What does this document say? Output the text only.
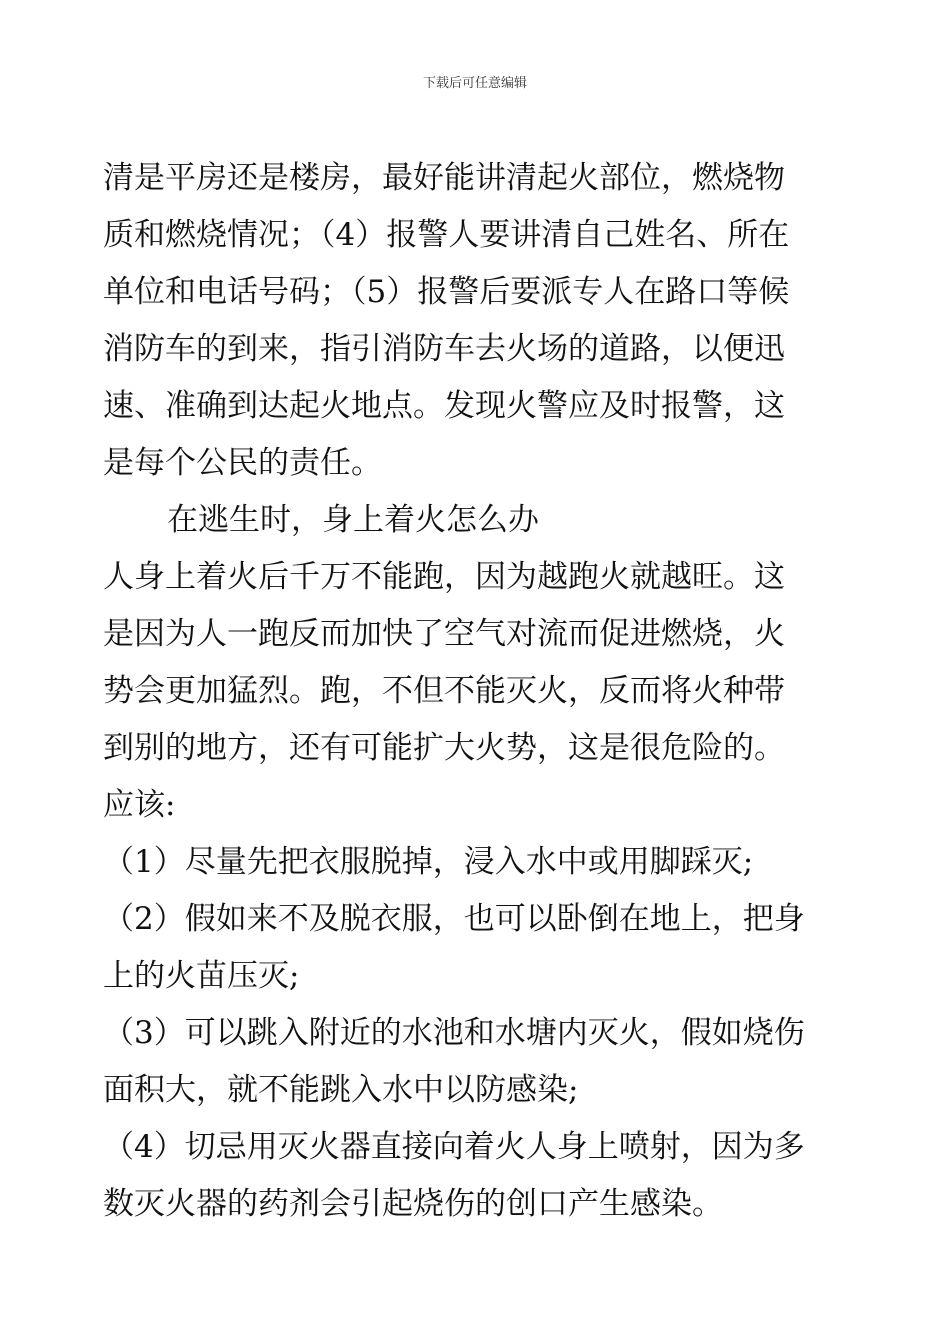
下载后可任意编辑
清是平房还是楼房，最好能讲清起火部位，燃烧物
质和燃烧情况；（4）报警人要讲清自己姓名、所在
单位和电话号码；（5）报警后要派专人在路口等候
消防车的到来，指引消防车去火场的道路，以便迅
速、准确到达起火地点。发现火警应及时报警，这
是每个公民的责任。
在逃生时，身上着火怎么办
人身上着火后千万不能跑，因为越跑火就越旺。这
是因为人一跑反而加快了空气对流而促进燃烧，火
势会更加猛烈。跑，不但不能灭火，反而将火种带
到别的地方，还有可能扩大火势，这是很危险的。
应该:
（1）尽量先把衣服脱掉，浸入水中或用脚踩灭;
（2）假如来不及脱衣服，也可以卧倒在地上，把身
上的火苗压灭;
（3）可以跳入附近的水池和水塘内灭火，假如烧伤
面积大，就不能跳入水中以防感染;
（4）切忌用灭火器直接向着火人身上喷射，因为多
数灭火器的药剂会引起烧伤的创口产生感染。
